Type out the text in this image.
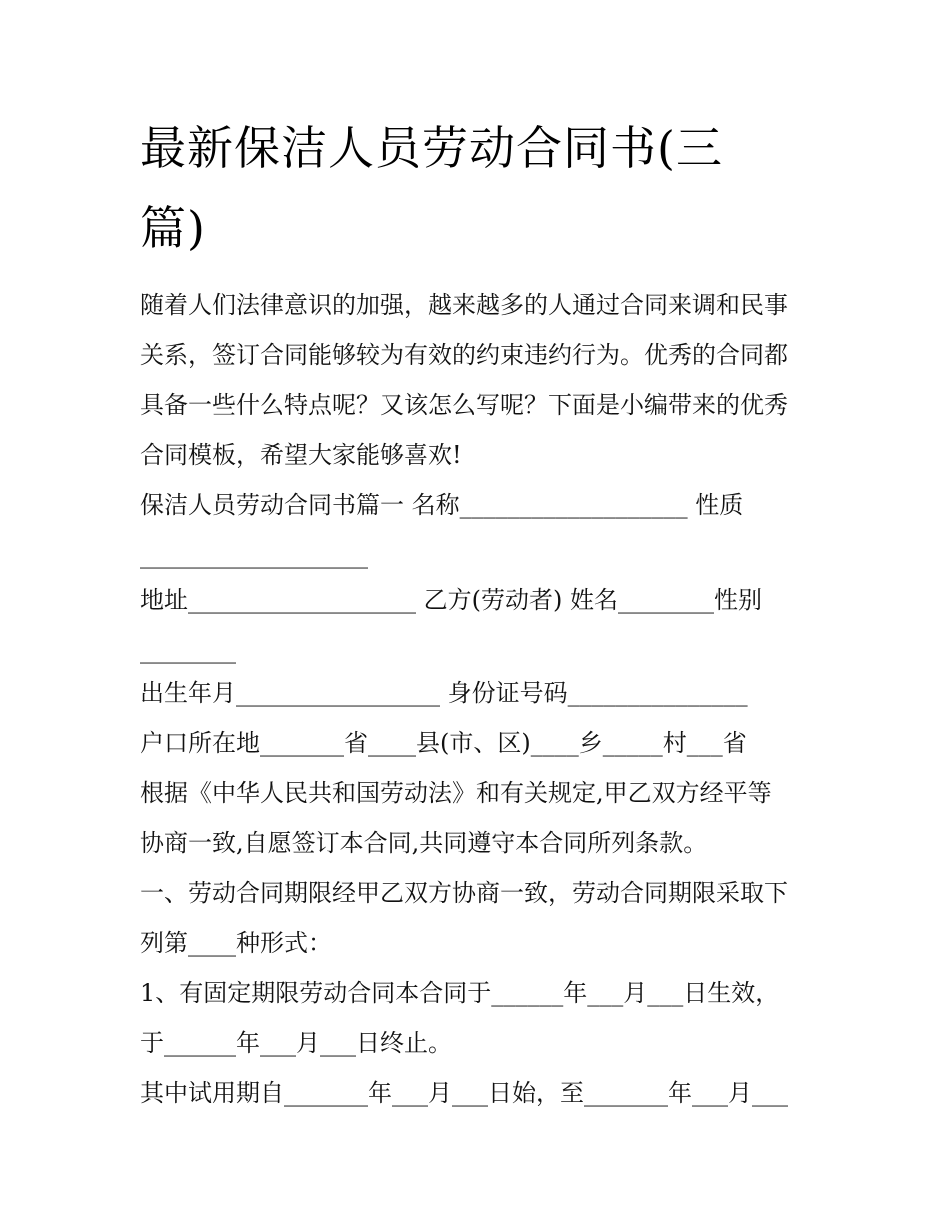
最新保洁人员劳动合同书(三
篇)
随着人们法律意识的加强，越来越多的人通过合同来调和民事
关系，签订合同能够较为有效的约束违约行为。优秀的合同都
具备一些什么特点呢？又该怎么写呢？下面是小编带来的优秀
合同模板，希望大家能够喜欢!
保洁人员劳动合同书篇一 名称___________________ 性质
___________________
地址___________________ 乙方(劳动者) 姓名________性别
________
出生年月_________________ 身份证号码_______________
户口所在地_______省____县(市、区)____乡_____村___省
根据《中华人民共和国劳动法》和有关规定,甲乙双方经平等
协商一致,自愿签订本合同,共同遵守本合同所列条款。
一、劳动合同期限经甲乙双方协商一致，劳动合同期限采取下
列第____种形式：
1、有固定期限劳动合同本合同于______年___月___日生效，
于______年___月___日终止。
其中试用期自_______年___月___日始，至_______年___月___
